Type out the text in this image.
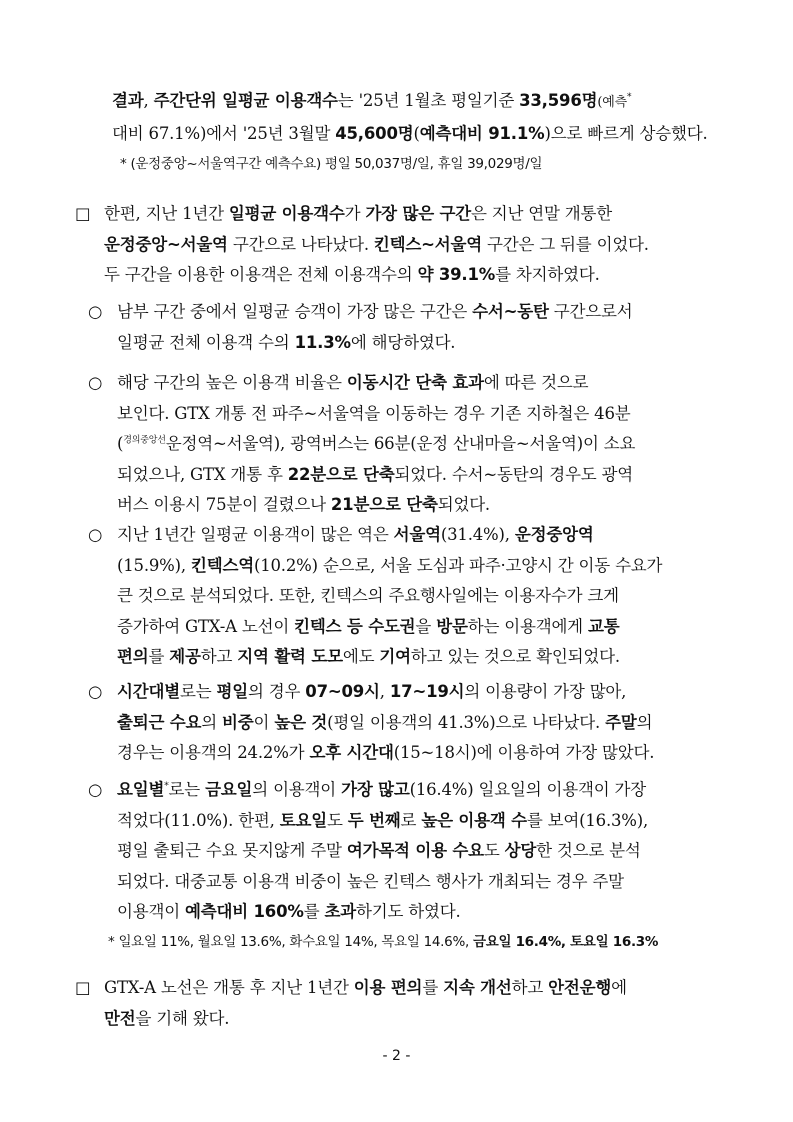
결과, 주간단위 일평균 이용객수는 '25년 1월초 평일기준 33,596명(예측*
대비 67.1%)에서 '25년 3월말 45,600명(예측대비 91.1%)으로 빠르게 상승했다.
* (운정중앙~서울역구간 예측수요) 평일 50,037명/일, 휴일 39,029명/일
□ 한편, 지난 1년간 일평균 이용객수가 가장 많은 구간은 지난 연말 개통한
운정중앙~서울역 구간으로 나타났다. 킨텍스~서울역 구간은 그 뒤를 이었다.
두 구간을 이용한 이용객은 전체 이용객수의 약 39.1%를 차지하였다.
○ 남부 구간 중에서 일평균 승객이 가장 많은 구간은 수서~동탄 구간으로서
일평균 전체 이용객 수의 11.3%에 해당하였다.
○ 해당 구간의 높은 이용객 비율은 이동시간 단축 효과에 따른 것으로
보인다. GTX 개통 전 파주~서울역을 이동하는 경우 기존 지하철은 46분
($^{경의중앙선}$운정역~서울역), 광역버스는 66분(운정 산내마을~서울역)이 소요
되었으나, GTX 개통 후 22분으로 단축되었다. 수서~동탄의 경우도 광역
버스 이용시 75분이 걸렸으나 21분으로 단축되었다.
○ 지난 1년간 일평균 이용객이 많은 역은 서울역(31.4%), 운정중앙역
(15.9%), 킨텍스역(10.2%) 순으로, 서울 도심과 파주·고양시 간 이동 수요가
큰 것으로 분석되었다. 또한, 킨텍스의 주요행사일에는 이용자수가 크게
증가하여 GTX-A 노선이 킨텍스 등 수도권을 방문하는 이용객에게 교통
편의를 제공하고 지역 활력 도모에도 기여하고 있는 것으로 확인되었다.
○ 시간대별로는 평일의 경우 07~09시, 17~19시의 이용량이 가장 많아,
출퇴근 수요의 비중이 높은 것(평일 이용객의 41.3%)으로 나타났다. 주말의
경우는 이용객의 24.2%가 오후 시간대(15~18시)에 이용하여 가장 많았다.
○ 요일별*로는 금요일의 이용객이 가장 많고(16.4%) 일요일의 이용객이 가장
적었다(11.0%). 한편, 토요일도 두 번째로 높은 이용객 수를 보여(16.3%),
평일 출퇴근 수요 못지않게 주말 여가목적 이용 수요도 상당한 것으로 분석
되었다. 대중교통 이용객 비중이 높은 킨텍스 행사가 개최되는 경우 주말
이용객이 예측대비 160%를 초과하기도 하였다.
* 일요일 11%, 월요일 13.6%, 화수요일 14%, 목요일 14.6%, 금요일 16.4%, 토요일 16.3%
□ GTX-A 노선은 개통 후 지난 1년간 이용 편의를 지속 개선하고 안전운행에
만전을 기해 왔다.
- 2 -
